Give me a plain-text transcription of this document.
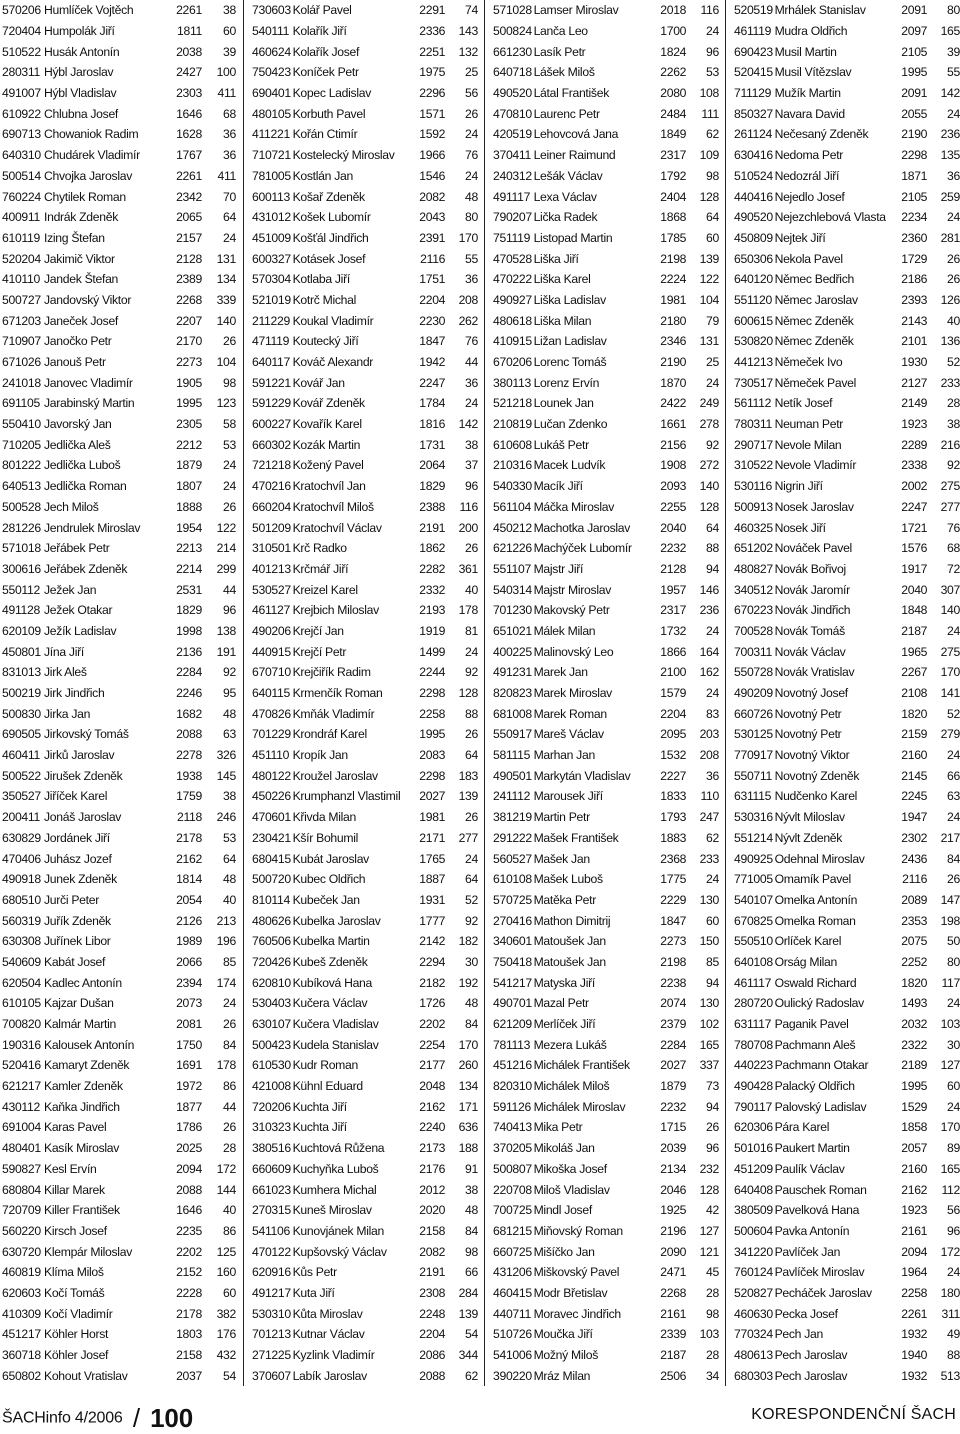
570206 Humlíček Vojtěch	2261	38
720404 Humpolák Jiří	1811	60
510522 Husák Antonín	2038	39
280311 Hýbl Jaroslav	2427	100
491007 Hýbl Vladislav	2303	411
610922 Chlubna Josef	1646	68
690713 Chowaniok Radim	1628	36
640310 Chudárek Vladimír	1767	36
500514 Chvojka Jaroslav	2261	411
760224 Chytilek Roman	2342	70
400911 Indrák Zdeněk	2065	64
610119 Izing Štefan	2157	24
520204 Jakimič Viktor	2128	131
410110 Jandek Štefan	2389	134
500727 Jandovský Viktor	2268	339
671203 Janeček Josef	2207	140
710907 Janočko Petr	2170	26
671026 Janouš Petr	2273	104
241018 Janovec Vladimír	1905	98
691105 Jarabinský Martin	1995	123
550410 Javorský Jan	2305	58
710205 Jedlička Aleš	2212	53
801222 Jedlička Luboš	1879	24
640513 Jedlička Roman	1807	24
500528 Jech Miloš	1888	26
281226 Jendrulek Miroslav	1954	122
571018 Jeřábek Petr	2213	214
300616 Jeřábek Zdeněk	2214	299
550112 Ježek Jan	2531	44
491128 Ježek Otakar	1829	96
620109 Ježík Ladislav	1998	138
450801 Jína Jiří	2136	191
831013 Jirk Aleš	2284	92
500219 Jirk Jindřich	2246	95
500830 Jirka Jan	1682	48
690505 Jirkovský Tomáš	2088	63
460411 Jirků Jaroslav	2278	326
500522 Jirušek Zdeněk	1938	145
350527 Jiříček Karel	1759	38
200411 Jonáš Jaroslav	2118	246
630829 Jordánek Jiří	2178	53
470406 Juhász Jozef	2162	64
490918 Junek Zdeněk	1814	48
680510 Jurči Peter	2054	40
560319 Juřík Zdeněk	2126	213
630308 Juřínek Libor	1989	196
540609 Kabát Josef	2066	85
620504 Kadlec Antonín	2394	174
610105 Kajzar Dušan	2073	24
700820 Kalmár Martin	2081	26
190316 Kalousek Antonín	1750	84
520416 Kamaryt Zdeněk	1691	178
621217 Kamler Zdeněk	1972	86
430112 Kaňka Jindřich	1877	44
691004 Karas Pavel	1786	26
480401 Kasík Miroslav	2025	28
590827 Kesl Ervín	2094	172
680804 Killar Marek	2088	144
720709 Killer František	1646	40
560220 Kirsch Josef	2235	86
630720 Klempár Miloslav	2202	125
460819 Klíma Miloš	2152	160
620603 Kočí Tomáš	2228	60
410309 Kočí Vladimír	2178	382
451217 Köhler Horst	1803	176
360718 Köhler Josef	2158	432
650802 Kohout Vratislav	2037	54
730603 Kolář Pavel	2291	74
540111 Kolařík Jiří	2336	143
460624 Kolařík Josef	2251	132
750423 Koníček Petr	1975	25
690401 Kopec Ladislav	2296	56
480105 Korbuth Pavel	1571	26
411221 Kořán Ctimír	1592	24
710721 Kostelecký Miroslav	1966	76
781005 Kostlán Jan	1546	24
600113 Košař Zdeněk	2082	48
431012 Košek Lubomír	2043	80
451009 Košťál Jindřich	2391	170
600327 Kotásek Josef	2116	55
570304 Kotlaba Jiří	1751	36
521019 Kotrč Michal	2204	208
211229 Koukal Vladimír	2230	262
471119 Koutecký Jiří	1847	76
640117 Kováč Alexandr	1942	44
591221 Kovář Jan	2247	36
591229 Kovář Zdeněk	1784	24
600227 Kovařík Karel	1816	142
660302 Kozák Martin	1731	38
721218 Kožený Pavel	2064	37
470216 Kratochvíl Jan	1829	96
660204 Kratochvíl Miloš	2388	116
501209 Kratochvíl Václav	2191	200
310501 Krč Radko	1862	26
401213 Krčmář Jiří	2282	361
530527 Kreizel Karel	2332	40
461127 Krejbich Miloslav	2193	178
490206 Krejčí Jan	1919	81
440915 Krejčí Petr	1499	24
670710 Krejčiřík Radim	2244	92
640115 Krmenčík Roman	2298	128
470826 Kmňák Vladimír	2258	88
701229 Krondráf Karel	1995	26
451110 Kropík Jan	2083	64
480122 Kroužel Jaroslav	2298	183
450226 Krumphanzl Vlastimil	2027	139
470601 Křivda Milan	1981	26
230421 Kšír Bohumil	2171	277
680415 Kubát Jaroslav	1765	24
500720 Kubec Oldřich	1887	64
810114 Kubeček Jan	1931	52
480626 Kubelka Jaroslav	1777	92
760506 Kubelka Martin	2142	182
720426 Kubeš Zdeněk	2294	30
620810 Kubíková Hana	2182	192
530403 Kučera Václav	1726	48
630107 Kučera Vladislav	2202	84
500423 Kudela Stanislav	2254	170
610530 Kudr Roman	2177	260
421008 Kühnl Eduard	2048	134
720206 Kuchta Jiří	2162	171
310323 Kuchta Jiří	2240	636
380516 Kuchtová Růžena	2173	188
660609 Kuchyňka Luboš	2176	91
661023 Kumhera Michal	2012	38
270315 Kuneš Miroslav	2020	48
541106 Kunovjánek Milan	2158	84
470122 Kupšovský Václav	2082	98
620916 Kůs Petr	2191	66
491217 Kuta Jiří	2308	284
530310 Kůta Miroslav	2248	139
701213 Kutnar Václav	2204	54
271225 Kyzlink Vladimír	2086	344
370607 Labík Jaroslav	2088	62
571028 Lamser Miroslav	2018	116
500824 Lanča Leo	1700	24
661230 Lasík Petr	1824	96
640718 Lášek Miloš	2262	53
490520 Látal František	2080	108
470810 Laurenc Petr	2484	111
420519 Lehovcová Jana	1849	62
370411 Leiner Raimund	2317	109
240312 Lešák Václav	1792	98
491117 Lexa Václav	2404	128
790207 Lička Radek	1868	64
751119 Listopad Martin	1785	60
470528 Liška Jiří	2198	139
470222 Liška Karel	2224	122
490927 Liška Ladislav	1981	104
480618 Liška Milan	2180	79
410915 Ližan Ladislav	2346	131
670206 Lorenc Tomáš	2190	25
380113 Lorenz Ervín	1870	24
521218 Lounek Jan	2422	249
210819 Lučan Zdenko	1661	278
610608 Lukáš Petr	2156	92
210316 Macek Ludvík	1908	272
540330 Macík Jiří	2093	140
561104 Máčka Miroslav	2255	128
450212 Machotka Jaroslav	2040	64
621226 Machýček Lubomír	2232	88
551107 Majstr Jiří	2128	94
540314 Majstr Miroslav	1957	146
701230 Makovský Petr	2317	236
651021 Málek Milan	1732	24
400225 Malinovský Leo	1866	164
491231 Marek Jan	2100	162
820823 Marek Miroslav	1579	24
681008 Marek Roman	2204	83
550917 Mareš Václav	2095	203
581115 Marhan Jan	1532	208
490501 Markytán Vladislav	2227	36
241112 Marousek Jiří	1833	110
381219 Martin Petr	1793	247
291222 Mašek František	1883	62
560527 Mašek Jan	2368	233
610108 Mašek Luboš	1775	24
570725 Matěka Petr	2229	130
270416 Mathon Dimitrij	1847	60
340601 Matoušek Jan	2273	150
750418 Matoušek Jan	2198	85
541217 Matyska Jiří	2238	94
490701 Mazal Petr	2074	130
621209 Merlíček Jiří	2379	102
781113 Mezera Lukáš	2284	165
451216 Michálek František	2027	337
820310 Michálek Miloš	1879	73
591126 Michálek Miroslav	2232	94
740413 Mika Petr	1715	26
370205 Mikoláš Jan	2039	96
500807 Mikoška Josef	2134	232
220708 Miloš Vladislav	2046	128
700725 Mindl Josef	1925	42
681215 Miňovský Roman	2196	127
660725 Mišíčko Jan	2090	121
431206 Miškovský Pavel	2471	45
460415 Modr Břetislav	2268	28
440711 Moravec Jindřich	2161	98
510726 Moučka Jiří	2339	103
541006 Možný Miloš	2187	28
390220 Mráz Milan	2506	34
520519 Mrhálek Stanislav	2091	80
461119 Mudra Oldřich	2097	165
690423 Musil Martin	2105	39
520415 Musil Vítězslav	1995	55
711129 Mužík Martin	2091	142
850327 Navara David	2055	24
261124 Nečesaný Zdeněk	2190	236
630416 Nedoma Petr	2298	135
510524 Nedozrál Jiří	1871	36
440416 Nejedlo Josef	2105	259
490520 Nejezchlebová Vlasta	2234	24
450809 Nejtek Jiří	2360	281
650306 Nekola Pavel	1729	26
640120 Němec Bedřich	2186	26
551120 Němec Jaroslav	2393	126
600615 Němec Zdeněk	2143	40
530820 Němec Zdeněk	2101	136
441213 Němeček Ivo	1930	52
730517 Němeček Pavel	2127	233
561112 Netík Josef	2149	28
780311 Neuman Petr	1923	38
290717 Nevole Milan	2289	216
310522 Nevole Vladimír	2338	92
530116 Nigrin Jiří	2002	275
500913 Nosek Jaroslav	2247	277
460325 Nosek Jiří	1721	76
651202 Nováček Pavel	1576	68
480827 Novák Bořivoj	1917	72
340512 Novák Jaromír	2040	307
670223 Novák Jindřich	1848	140
700528 Novák Tomáš	2187	24
700311 Novák Václav	1965	275
550728 Novák Vratislav	2267	170
490209 Novotný Josef	2108	141
660726 Novotný Petr	1820	52
530125 Novotný Petr	2159	279
770917 Novotný Viktor	2160	24
550711 Novotný Zdeněk	2145	66
631115 Nudčenko Karel	2245	63
530316 Nývlt Miloslav	1947	24
551214 Nývlt Zdeněk	2302	217
490925 Odehnal Miroslav	2436	84
771005 Omamík Pavel	2116	26
540107 Omelka Antonín	2089	147
670825 Omelka Roman	2353	198
550510 Orlíček Karel	2075	50
640108 Orság Milan	2252	80
461117 Oswald Richard	1820	117
280720 Oulický Radoslav	1493	24
631117 Paganik Pavel	2032	103
780708 Pachmann Aleš	2322	30
440223 Pachmann Otakar	2189	127
490428 Palacký Oldřich	1995	60
790117 Palovský Ladislav	1529	24
620306 Pára Karel	1858	170
501016 Paukert Martin	2057	89
451209 Paulík Václav	2160	165
640408 Pauschek Roman	2162	112
380509 Pavelková Hana	1923	56
500604 Pavka Antonín	2161	96
341220 Pavlíček Jan	2094	172
760124 Pavlíček Miroslav	1964	24
520827 Pecháček Jaroslav	2258	180
460630 Pecka Josef	2261	311
770324 Pech Jan	1932	49
480613 Pech Jaroslav	1940	88
680303 Pech Jaroslav	1932	513
ŠACHinfo 4/2006 / 100	KORESPONDENČNÍ ŠACH
